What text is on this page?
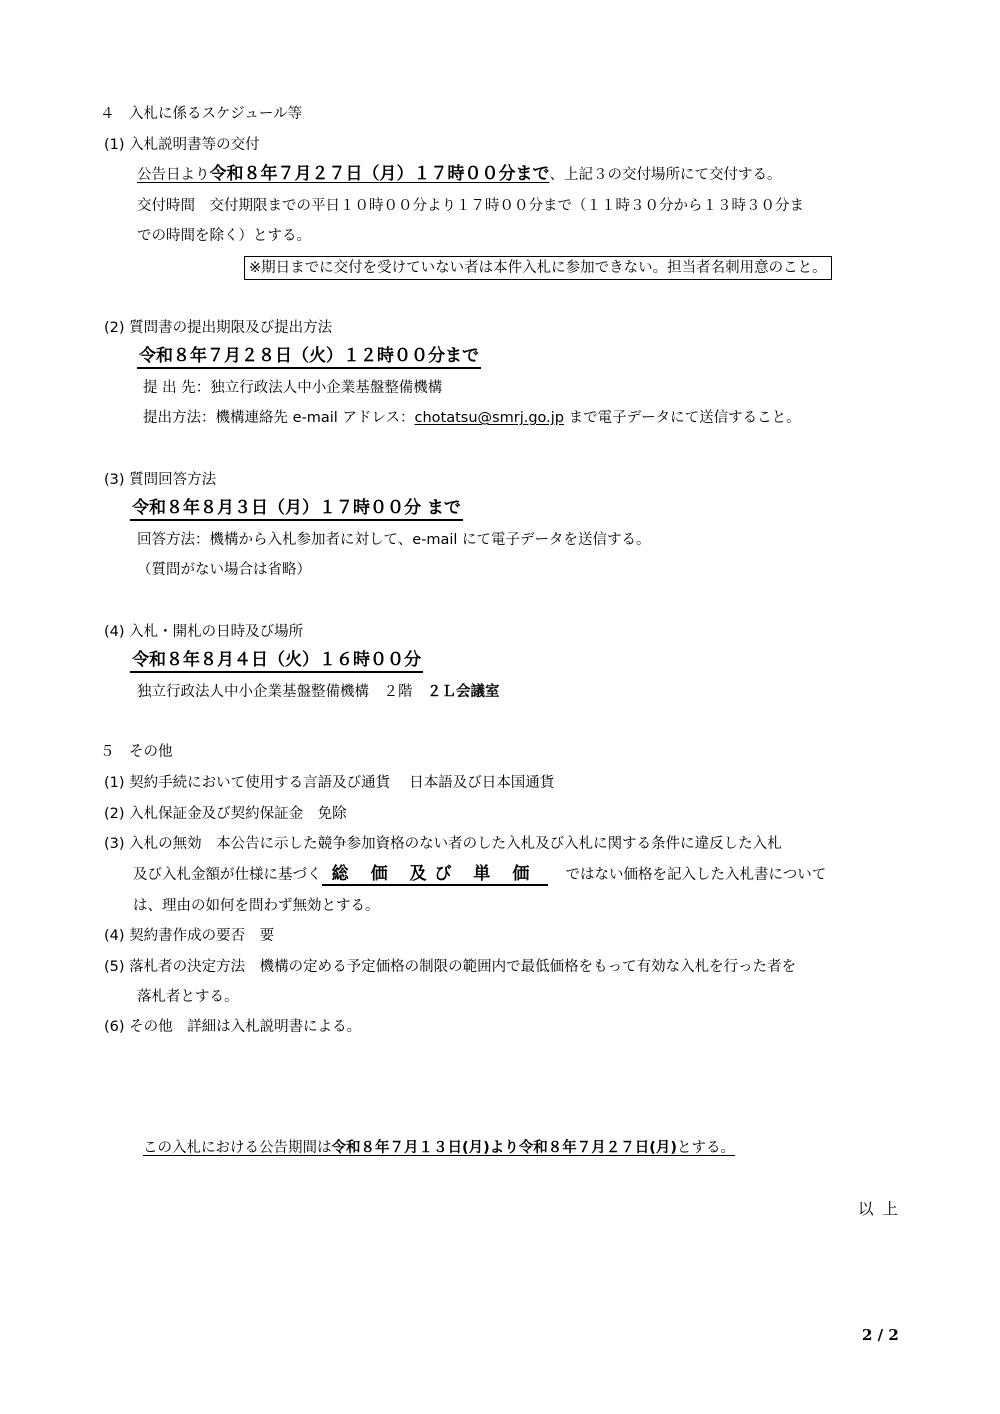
４　入札に係るスケジュール等
(1) 入札説明書等の交付
公告日より令和８年７月２７日（月）１７時００分まで、上記３の交付場所にて交付する。
交付時間　交付期限までの平日１０時００分より１７時００分まで（１１時３０分から１３時３０分ま
での時間を除く）とする。
※期日までに交付を受けていない者は本件入札に参加できない。担当者名刺用意のこと。
(2) 質問書の提出期限及び提出方法
令和８年７月２８日（火）１２時００分まで
提 出 先：独立行政法人中小企業基盤整備機構
提出方法：機構連絡先 e-mail アドレス：chotatsu@smrj.go.jp まで電子データにて送信すること。
(3) 質問回答方法
令和８年８月３日（月）１７時００分 まで
回答方法：機構から入札参加者に対して、e-mail にて電子データを送信する。
（質問がない場合は省略）
(4) 入札・開札の日時及び場所
令和８年８月４日（火）１６時００分
独立行政法人中小企業基盤整備機構　２階　２Ｌ会議室
５　その他
(1) 契約手続において使用する言語及び通貨　 日本語及び日本国通貨
(2) 入札保証金及び契約保証金　免除
(3) 入札の無効　本公告に示した競争参加資格のない者のした入札及び入札に関する条件に違反した入札
及び入札金額が仕様に基づく 総 価 及び 単 価 ではない価格を記入した入札書について
は、理由の如何を問わず無効とする。
(4) 契約書作成の要否　要
(5) 落札者の決定方法　機構の定める予定価格の制限の範囲内で最低価格をもって有効な入札を行った者を
落札者とする。
(6) その他　詳細は入札説明書による。
この入札における公告期間は令和８年７月１３日(月)より令和８年７月２７日(月)とする。
以 上
2 / 2
